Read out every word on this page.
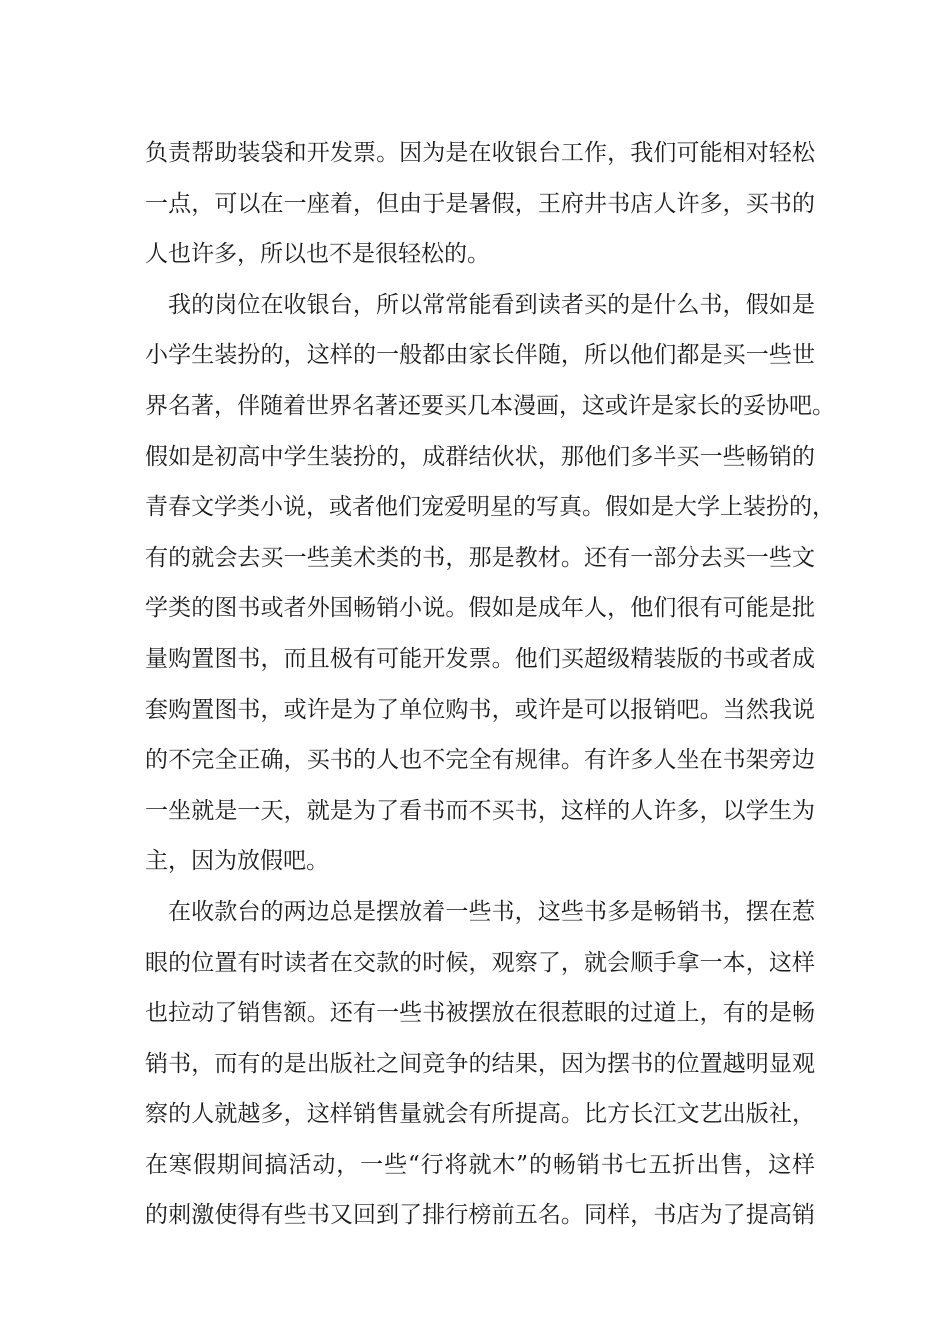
负责帮助装袋和开发票。因为是在收银台工作，我们可能相对轻松
一点，可以在一座着，但由于是暑假，王府井书店人许多，买书的
人也许多，所以也不是很轻松的。
我的岗位在收银台，所以常常能看到读者买的是什么书，假如是
小学生装扮的，这样的一般都由家长伴随，所以他们都是买一些世
界名著，伴随着世界名著还要买几本漫画，这或许是家长的妥协吧。
假如是初高中学生装扮的，成群结伙状，那他们多半买一些畅销的
青春文学类小说，或者他们宠爱明星的写真。假如是大学上装扮的，
有的就会去买一些美术类的书，那是教材。还有一部分去买一些文
学类的图书或者外国畅销小说。假如是成年人，他们很有可能是批
量购置图书，而且极有可能开发票。他们买超级精装版的书或者成
套购置图书，或许是为了单位购书，或许是可以报销吧。当然我说
的不完全正确，买书的人也不完全有规律。有许多人坐在书架旁边
一坐就是一天，就是为了看书而不买书，这样的人许多，以学生为
主，因为放假吧。
在收款台的两边总是摆放着一些书，这些书多是畅销书，摆在惹
眼的位置有时读者在交款的时候，观察了，就会顺手拿一本，这样
也拉动了销售额。还有一些书被摆放在很惹眼的过道上，有的是畅
销书，而有的是出版社之间竞争的结果，因为摆书的位置越明显观
察的人就越多，这样销售量就会有所提高。比方长江文艺出版社，
在寒假期间搞活动，一些“行将就木”的畅销书七五折出售，这样
的刺激使得有些书又回到了排行榜前五名。同样，书店为了提高销
